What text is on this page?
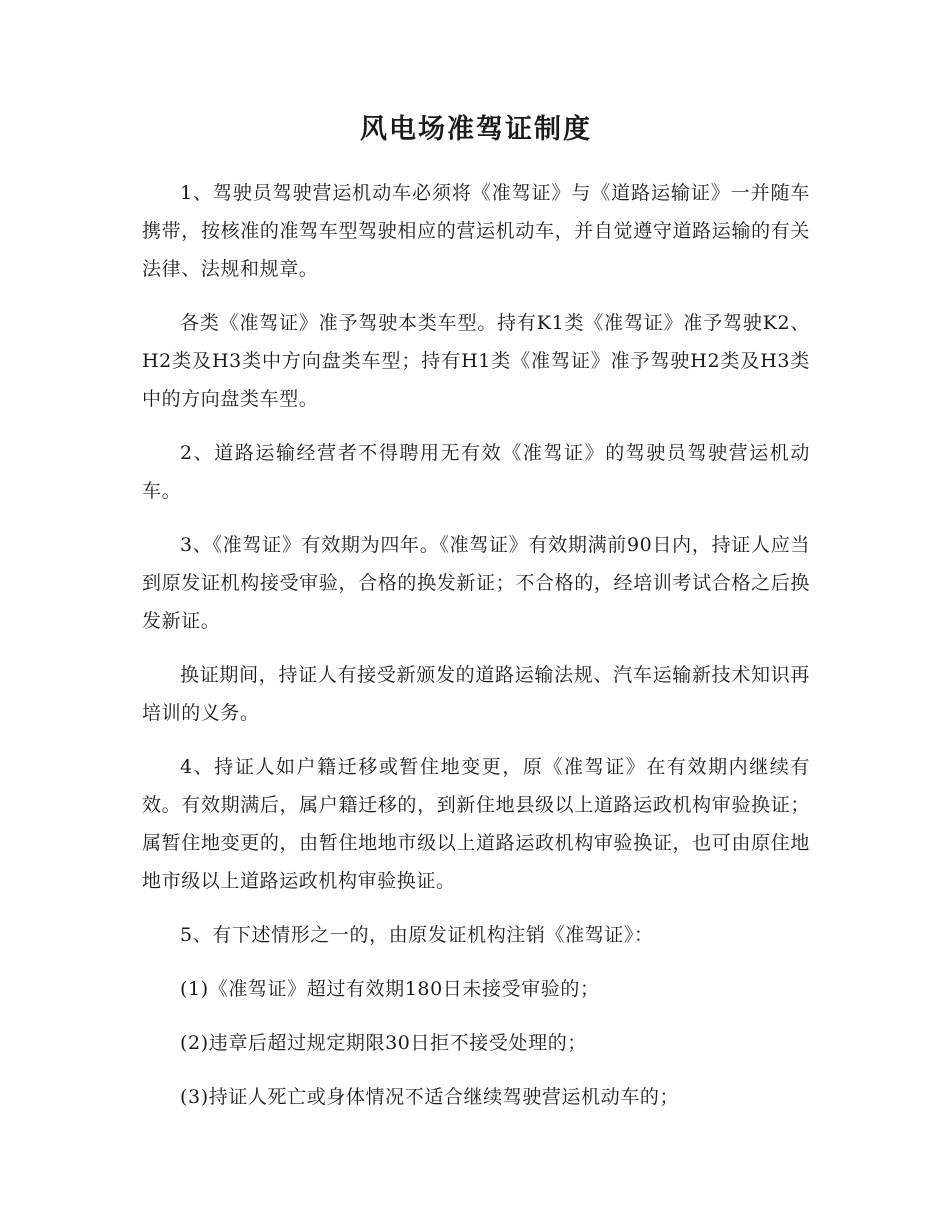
风电场准驾证制度

1、驾驶员驾驶营运机动车必须将《准驾证》与《道路运输证》一并随车携带，按核准的准驾车型驾驶相应的营运机动车，并自觉遵守道路运输的有关法律、法规和规章。

各类《准驾证》准予驾驶本类车型。持有K1类《准驾证》准予驾驶K2、H2类及H3类中方向盘类车型；持有H1类《准驾证》准予驾驶H2类及H3类中的方向盘类车型。

2、道路运输经营者不得聘用无有效《准驾证》的驾驶员驾驶营运机动车。

3、《准驾证》有效期为四年。《准驾证》有效期满前90日内，持证人应当到原发证机构接受审验，合格的换发新证；不合格的，经培训考试合格之后换发新证。

换证期间，持证人有接受新颁发的道路运输法规、汽车运输新技术知识再培训的义务。

4、持证人如户籍迁移或暂住地变更，原《准驾证》在有效期内继续有效。有效期满后，属户籍迁移的，到新住地县级以上道路运政机构审验换证；属暂住地变更的，由暂住地地市级以上道路运政机构审验换证，也可由原住地地市级以上道路运政机构审验换证。

5、有下述情形之一的，由原发证机构注销《准驾证》：

(1)《准驾证》超过有效期180日未接受审验的；

(2)违章后超过规定期限30日拒不接受处理的；

(3)持证人死亡或身体情况不适合继续驾驶营运机动车的；
